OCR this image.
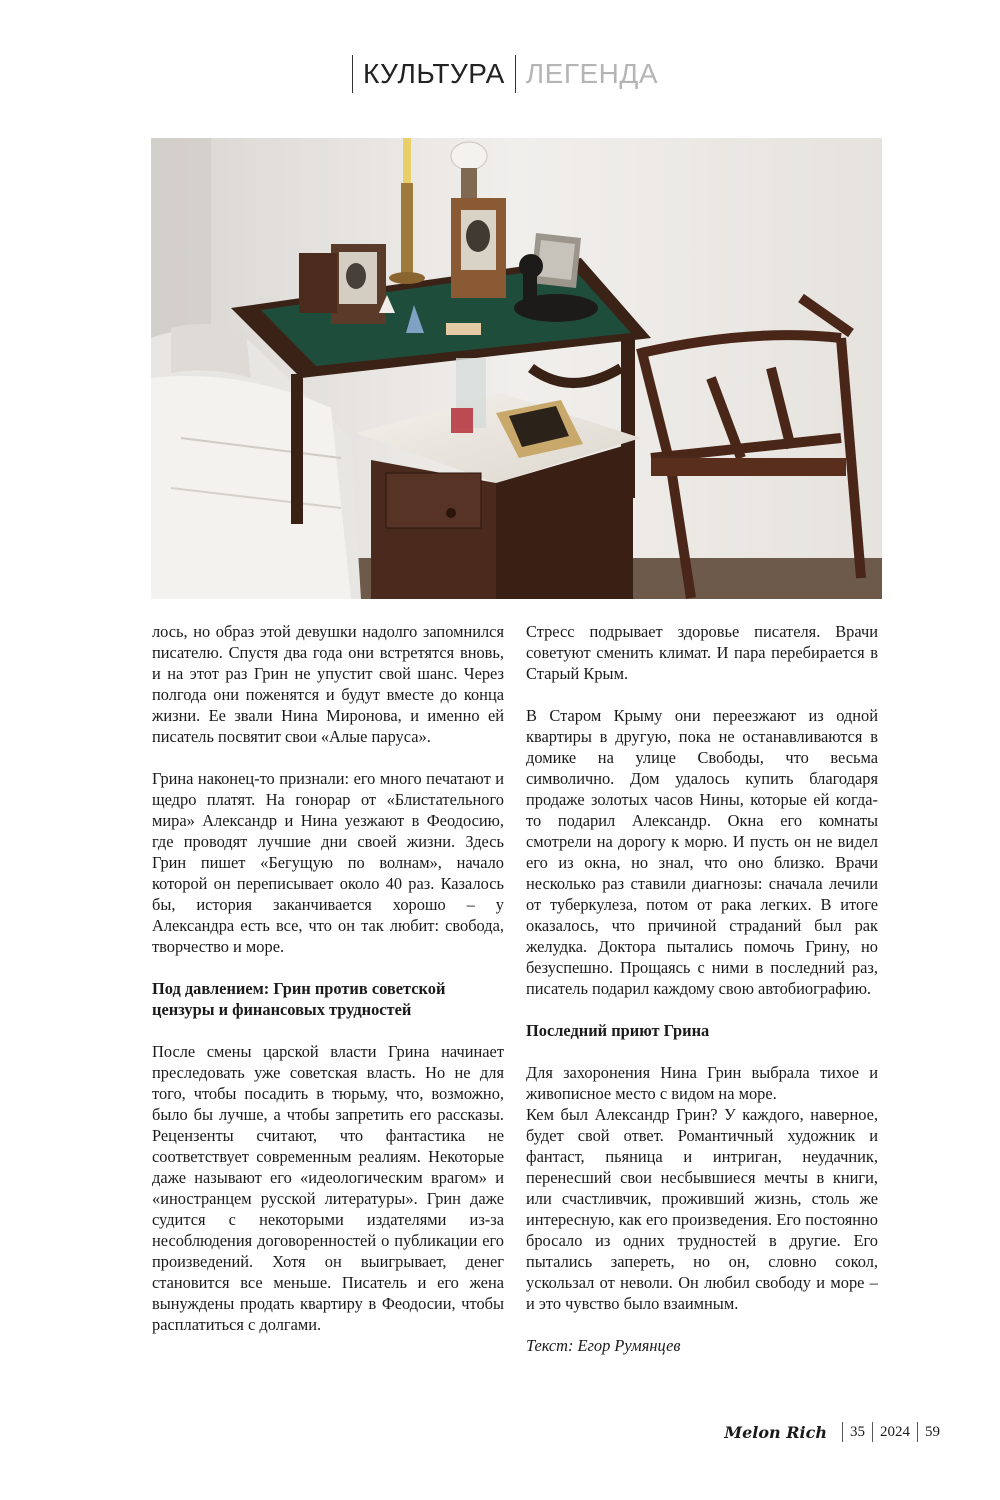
КУЛЬТУРА ЛЕГЕНДА

лось, но образ этой девушки надолго запомнился писателю. Спустя два года они встретятся вновь, и на этот раз Грин не упустит свой шанс. Через полгода они поженятся и будут вместе до конца жизни. Ее звали Нина Миронова, и именно ей писатель посвятит свои «Алые паруса».

Грина наконец-то признали: его много печатают и щедро платят. На гонорар от «Блистательного мира» Александр и Нина уезжают в Феодосию, где проводят лучшие дни своей жизни. Здесь Грин пишет «Бегущую по волнам», начало которой он переписывает около 40 раз. Казалось бы, история заканчивается хорошо – у Александра есть все, что он так любит: свобода, творчество и море.

Под давлением: Грин против советской цензуры и финансовых трудностей

После смены царской власти Грина начинает преследовать уже советская власть. Но не для того, чтобы посадить в тюрьму, что, возможно, было бы лучше, а чтобы запретить его рассказы. Рецензенты считают, что фантастика не соответствует современным реалиям. Некоторые даже называют его «идеологическим врагом» и «иностранцем русской литературы». Грин даже судится с некоторыми издателями из-за несоблюдения договоренностей о публикации его произведений. Хотя он выигрывает, денег становится все меньше. Писатель и его жена вынуждены продать квартиру в Феодосии, чтобы расплатиться с долгами.

Стресс подрывает здоровье писателя. Врачи советуют сменить климат. И пара перебирается в Старый Крым.

В Старом Крыму они переезжают из одной квартиры в другую, пока не останавливаются в домике на улице Свободы, что весьма символично. Дом удалось купить благодаря продаже золотых часов Нины, которые ей когда-то подарил Александр. Окна его комнаты смотрели на дорогу к морю. И пусть он не видел его из окна, но знал, что оно близко. Врачи несколько раз ставили диагнозы: сначала лечили от туберкулеза, потом от рака легких. В итоге оказалось, что причиной страданий был рак желудка. Доктора пытались помочь Грину, но безуспешно. Прощаясь с ними в последний раз, писатель подарил каждому свою автобиографию.

Последний приют Грина

Для захоронения Нина Грин выбрала тихое и живописное место с видом на море.

Кем был Александр Грин? У каждого, наверное, будет свой ответ. Романтичный художник и фантаст, пьяница и интриган, неудачник, перенесший свои несбывшиеся мечты в книги, или счастливчик, проживший жизнь, столь же интересную, как его произведения. Его постоянно бросало из одних трудностей в другие. Его пытались запереть, но он, словно сокол, ускользал от неволи. Он любил свободу и море – и это чувство было взаимным.

Текст: Егор Румянцев

Melon Rich 35 2024 59
